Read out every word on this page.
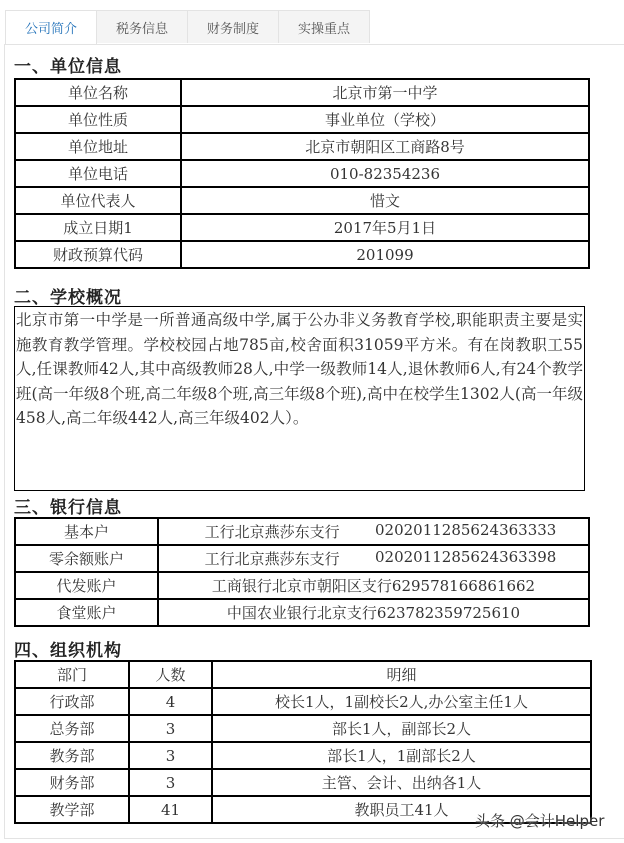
公司简介	税务信息	财务制度	实操重点
一、单位信息
单位名称	北京市第一中学
单位性质	事业单位（学校）
单位地址	北京市朝阳区工商路8号
单位电话	010-82354236
单位代表人	惜文
成立日期1	2017年5月1日
财政预算代码	201099
二、学校概况
北京市第一中学是一所普通高级中学,属于公办非义务教育学校,职能职责主要是实施教育教学管理。学校校园占地785亩,校舍面积31059平方米。有在岗教职工55人,任课教师42人,其中高级教师28人,中学一级教师14人,退休教师6人,有24个教学班(高一年级8个班,高二年级8个班,高三年级8个班),高中在校学生1302人(高一年级458人,高二年级442人,高三年级402人）。
三、银行信息
基本户	工行北京燕莎东支行 0202011285624363333

零余额账户	工行北京燕莎东支行 0202011285624363398

代发账户	工商银行北京市朝阳区支行629578166861662
食堂账户	中国农业银行北京支行623782359725610
四、组织机构
部门	人数	明细
行政部	4	校长1人，1副校长2人,办公室主任1人
总务部	3	部长1人，副部长2人
教务部	3	部长1人，1副部长2人
财务部	3	主管、会计、出纳各1人
教学部	41	教职员工41人
头条 @会计Helper
